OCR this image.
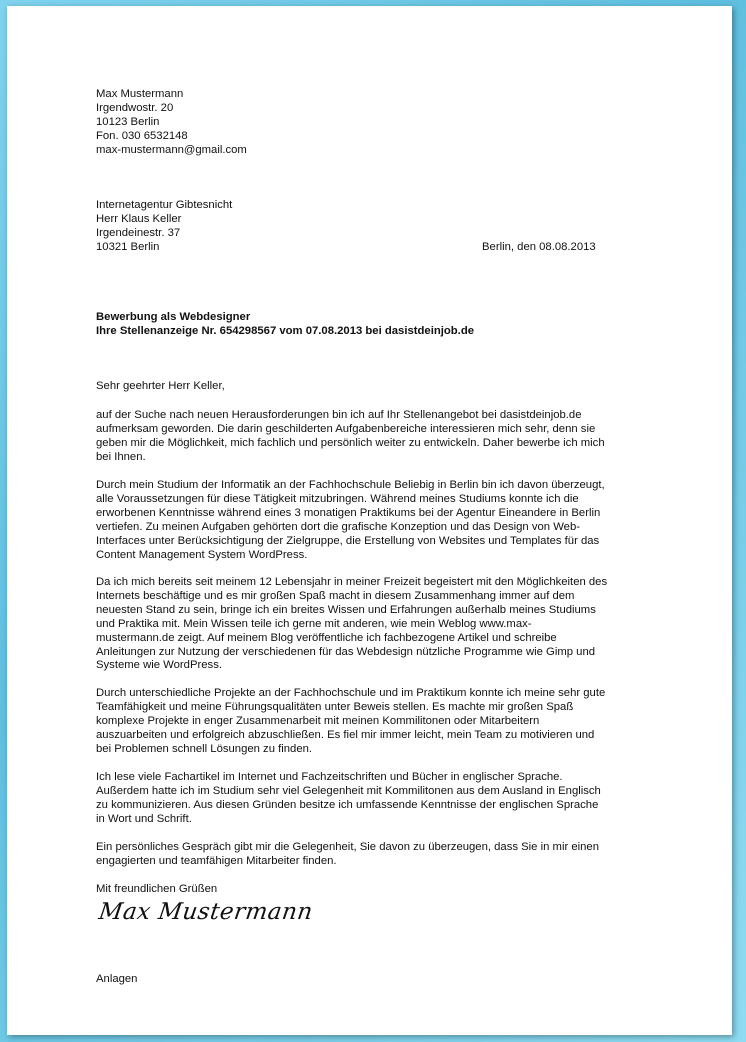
Max Mustermann
Irgendwostr. 20
10123 Berlin
Fon. 030 6532148
max-mustermann@gmail.com
Internetagentur Gibtesnicht
Herr Klaus Keller
Irgendeinestr. 37
10321 Berlin	Berlin, den 08.08.2013
Bewerbung als Webdesigner
Ihre Stellenanzeige Nr. 654298567 vom 07.08.2013 bei dasistdeinjob.de
Sehr geehrter Herr Keller,
auf der Suche nach neuen Herausforderungen bin ich auf Ihr Stellenangebot bei dasistdeinjob.de
aufmerksam geworden. Die darin geschilderten Aufgabenbereiche interessieren mich sehr, denn sie
geben mir die Möglichkeit, mich fachlich und persönlich weiter zu entwickeln. Daher bewerbe ich mich
bei Ihnen.
Durch mein Studium der Informatik an der Fachhochschule Beliebig in Berlin bin ich davon überzeugt,
alle Voraussetzungen für diese Tätigkeit mitzubringen. Während meines Studiums konnte ich die
erworbenen Kenntnisse während eines 3 monatigen Praktikums bei der Agentur Eineandere in Berlin
vertiefen. Zu meinen Aufgaben gehörten dort die grafische Konzeption und das Design von Web-
Interfaces unter Berücksichtigung der Zielgruppe, die Erstellung von Websites und Templates für das
Content Management System WordPress.
Da ich mich bereits seit meinem 12 Lebensjahr in meiner Freizeit begeistert mit den Möglichkeiten des
Internets beschäftige und es mir großen Spaß macht in diesem Zusammenhang immer auf dem
neuesten Stand zu sein, bringe ich ein breites Wissen und Erfahrungen außerhalb meines Studiums
und Praktika mit. Mein Wissen teile ich gerne mit anderen, wie mein Weblog www.max-
mustermann.de zeigt. Auf meinem Blog veröffentliche ich fachbezogene Artikel und schreibe
Anleitungen zur Nutzung der verschiedenen für das Webdesign nützliche Programme wie Gimp und
Systeme wie WordPress.
Durch unterschiedliche Projekte an der Fachhochschule und im Praktikum konnte ich meine sehr gute
Teamfähigkeit und meine Führungsqualitäten unter Beweis stellen. Es machte mir großen Spaß
komplexe Projekte in enger Zusammenarbeit mit meinen Kommilitonen oder Mitarbeitern
auszuarbeiten und erfolgreich abzuschließen. Es fiel mir immer leicht, mein Team zu motivieren und
bei Problemen schnell Lösungen zu finden.
Ich lese viele Fachartikel im Internet und Fachzeitschriften und Bücher in englischer Sprache.
Außerdem hatte ich im Studium sehr viel Gelegenheit mit Kommilitonen aus dem Ausland in Englisch
zu kommunizieren. Aus diesen Gründen besitze ich umfassende Kenntnisse der englischen Sprache
in Wort und Schrift.
Ein persönliches Gespräch gibt mir die Gelegenheit, Sie davon zu überzeugen, dass Sie in mir einen
engagierten und teamfähigen Mitarbeiter finden.
Mit freundlichen Grüßen
Max Mustermann
Anlagen
